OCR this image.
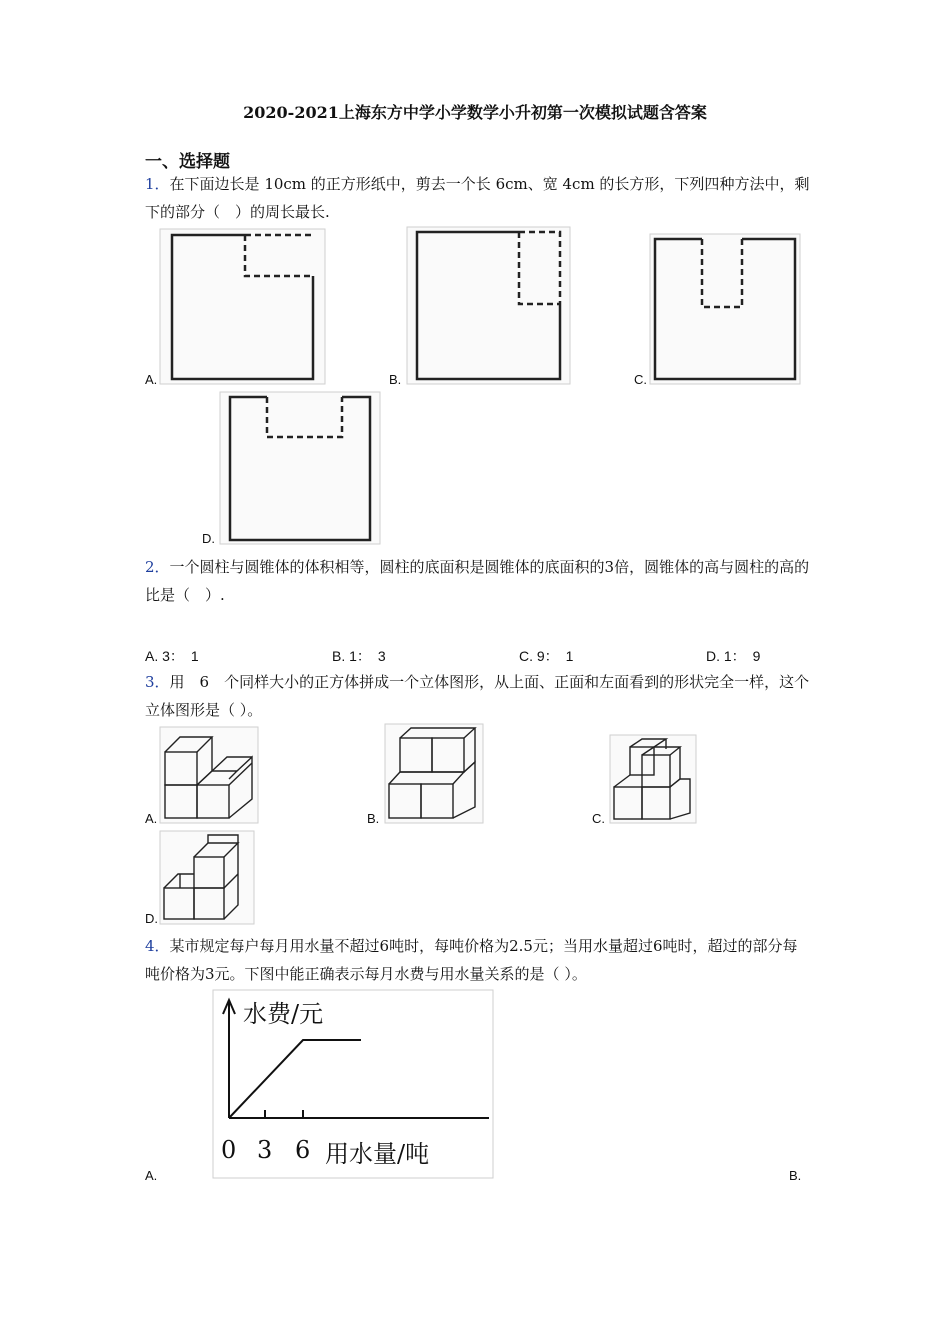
2020-2021上海东方中学小学数学小升初第一次模拟试题含答案
一、选择题
1．在下面边长是 10cm 的正方形纸中，剪去一个长 6cm、宽 4cm 的长方形，下列四种方法中，剩下的部分（　）的周长最长.
A.	B.	C.
D.
2．一个圆柱与圆锥体的体积相等，圆柱的底面积是圆锥体的底面积的3倍，圆锥体的高与圆柱的高的比是（　）.
A. 3：　1	B. 1：　3	C. 9：　1	D. 1：　9
3．用　6　个同样大小的正方体拼成一个立体图形，从上面、正面和左面看到的形状完全一样，这个立体图形是（ ）。
A.	B.	C.
D.
4．某市规定每户每月用水量不超过6吨时，每吨价格为2.5元；当用水量超过6吨时，超过的部分每吨价格为3元。下图中能正确表示每月水费与用水量关系的是（ ）。
水费/元
0 3 6 用水量/吨
A.	B.
